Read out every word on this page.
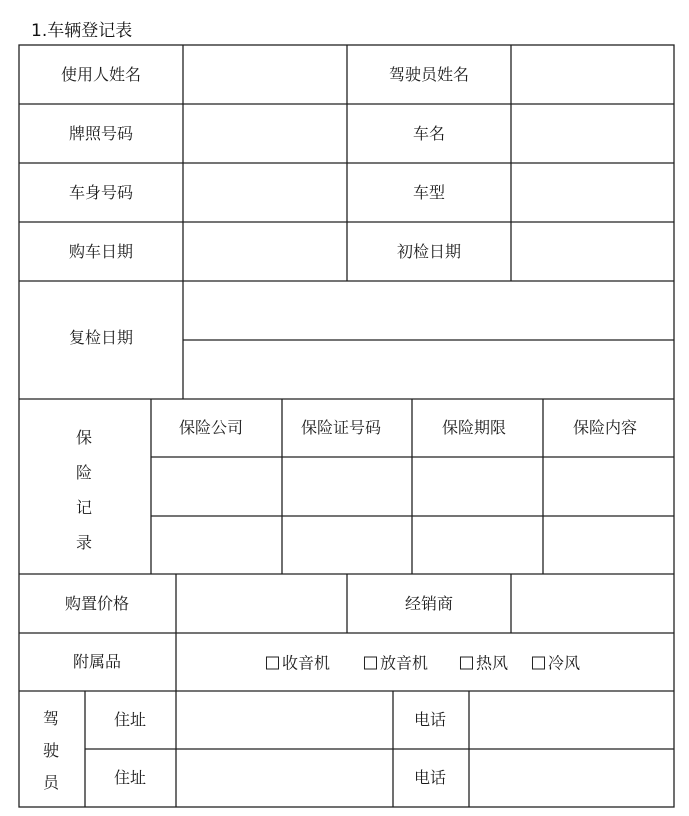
1.车辆登记表
使用人姓名	驾驶员姓名
牌照号码	车名
车身号码	车型
购车日期	初检日期
复检日期
保
险
记
录
保险公司	保险证号码	保险期限	保险内容
购置价格	经销商
附属品	收音机	放音机	热风	冷风
驾
驶
员
住址	电话
住址	电话
